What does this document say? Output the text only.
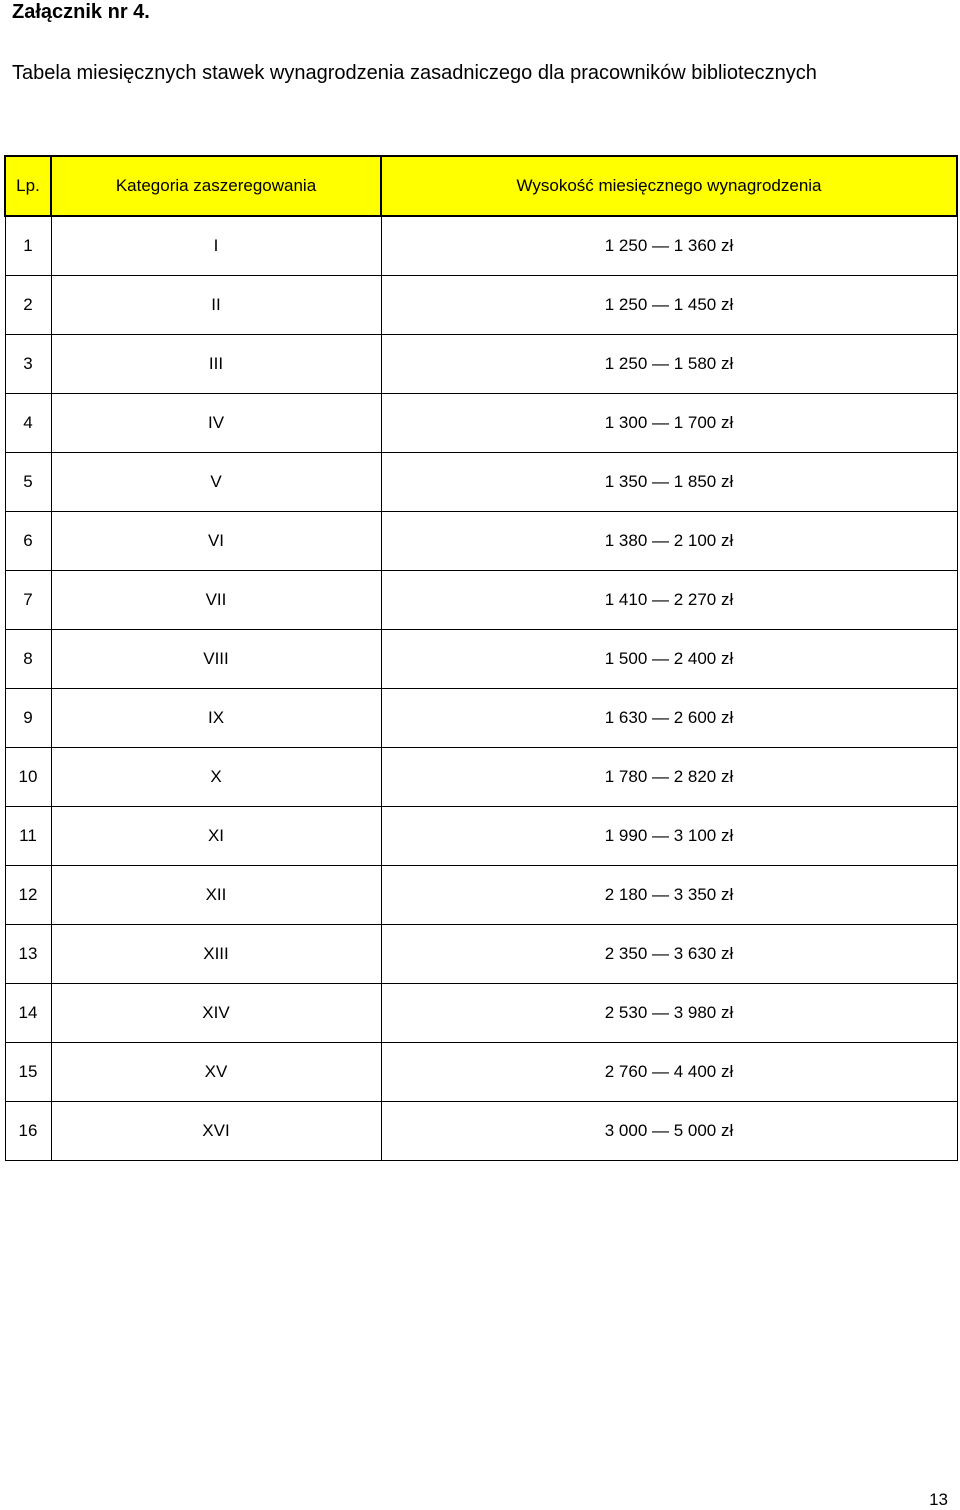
Załącznik nr 4.

Tabela miesięcznych stawek wynagrodzenia zasadniczego dla pracowników bibliotecznych

Lp.	Kategoria zaszeregowania	Wysokość miesięcznego wynagrodzenia
1	I	1 250 — 1 360 zł
2	II	1 250 — 1 450 zł
3	III	1 250 — 1 580 zł
4	IV	1 300 — 1 700 zł
5	V	1 350 — 1 850 zł
6	VI	1 380 — 2 100 zł
7	VII	1 410 — 2 270 zł
8	VIII	1 500 — 2 400 zł
9	IX	1 630 — 2 600 zł
10	X	1 780 — 2 820 zł
11	XI	1 990 — 3 100 zł
12	XII	2 180 — 3 350 zł
13	XIII	2 350 — 3 630 zł
14	XIV	2 530 — 3 980 zł
15	XV	2 760 — 4 400 zł
16	XVI	3 000 — 5 000 zł
13
